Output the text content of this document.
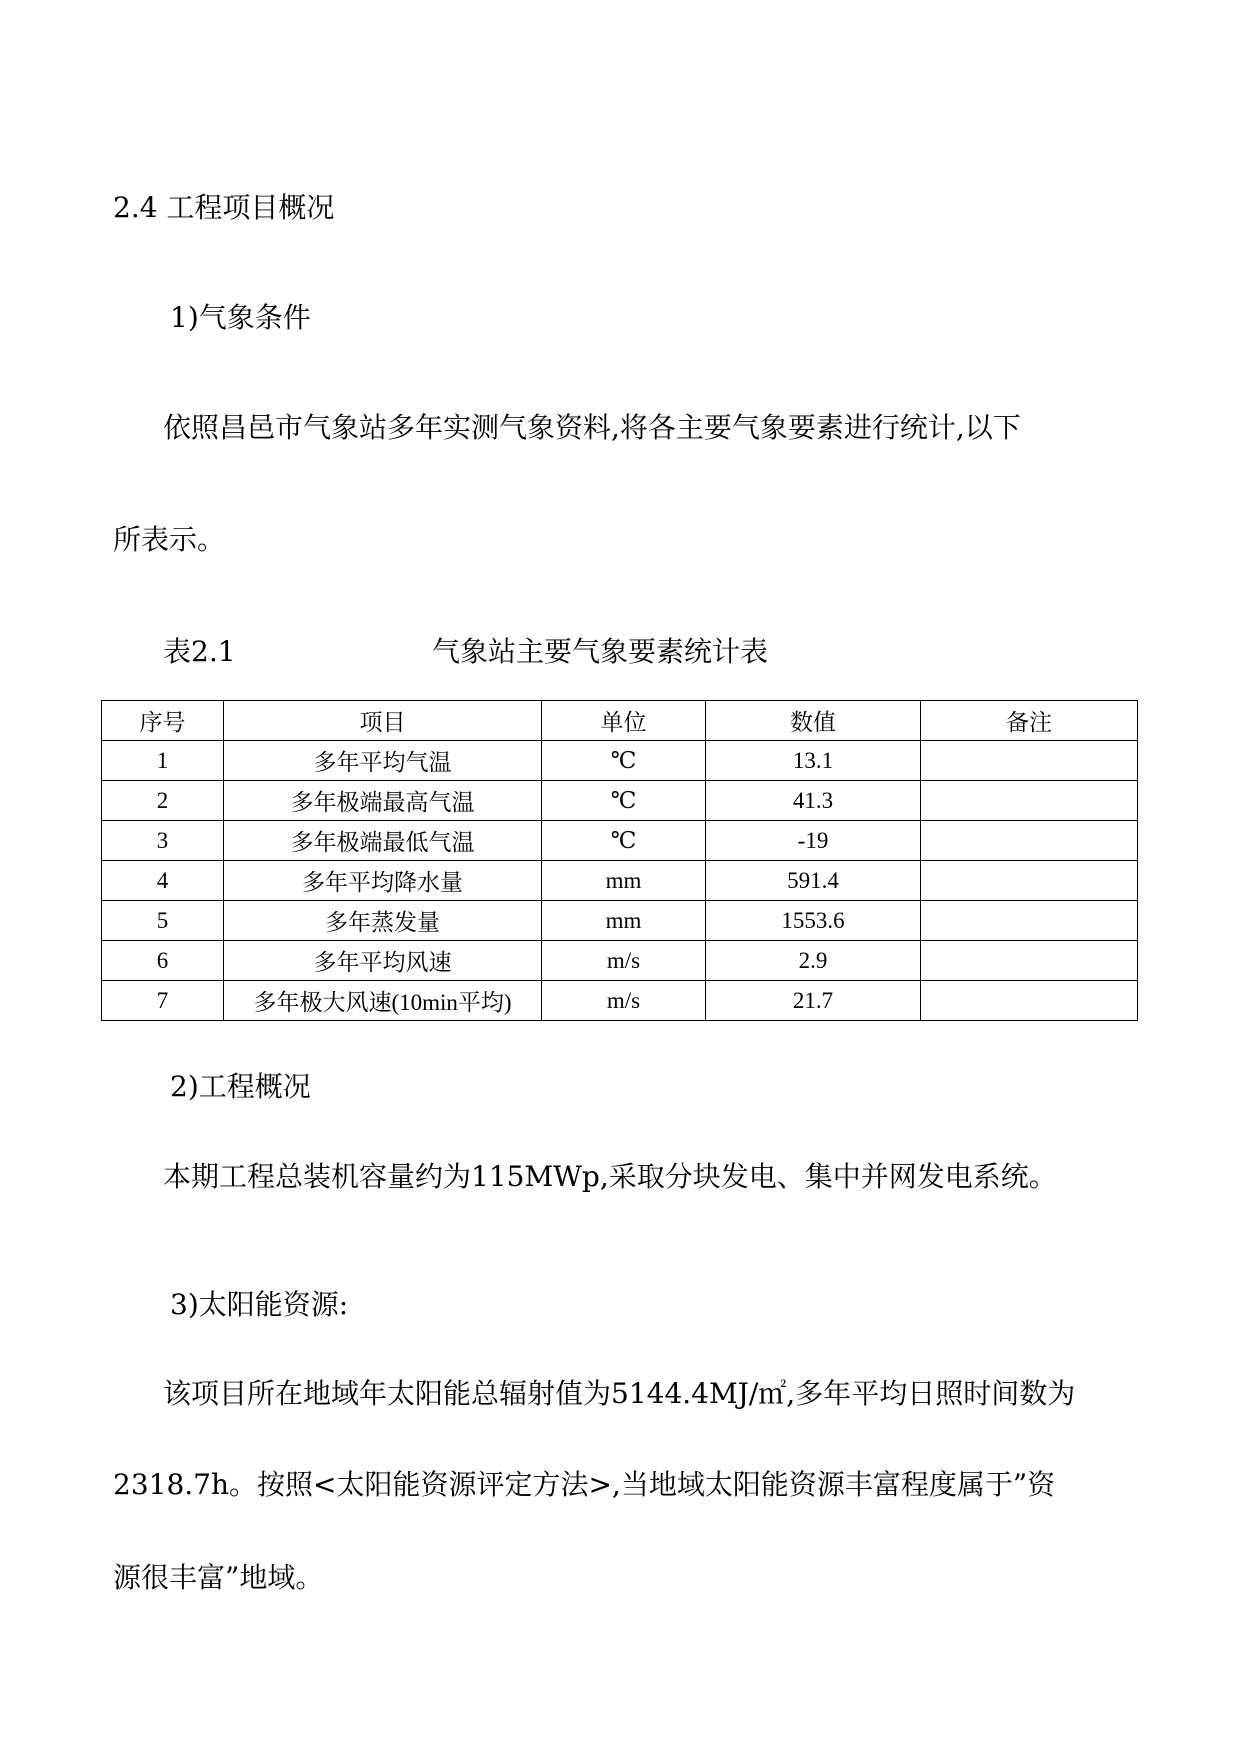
2.4 工程项目概况
1)气象条件
依照昌邑市气象站多年实测气象资料,将各主要气象要素进行统计,以下
所表示。
表2.1	气象站主要气象要素统计表
序号	项目	单位	数值	备注
1	多年平均气温	℃	13.1	
2	多年极端最高气温	℃	41.3	
3	多年极端最低气温	℃	-19	
4	多年平均降水量	mm	591.4	
5	多年蒸发量	mm	1553.6	
6	多年平均风速	m/s	2.9	
7	多年极大风速(10min平均)	m/s	21.7	
2)工程概况
本期工程总装机容量约为115MWp,采取分块发电、集中并网发电系统。
3)太阳能资源:
该项目所在地域年太阳能总辐射值为5144.4MJ/㎡,多年平均日照时间数为
2318.7h。按照<太阳能资源评定方法>,当地域太阳能资源丰富程度属于”资
源很丰富”地域。
